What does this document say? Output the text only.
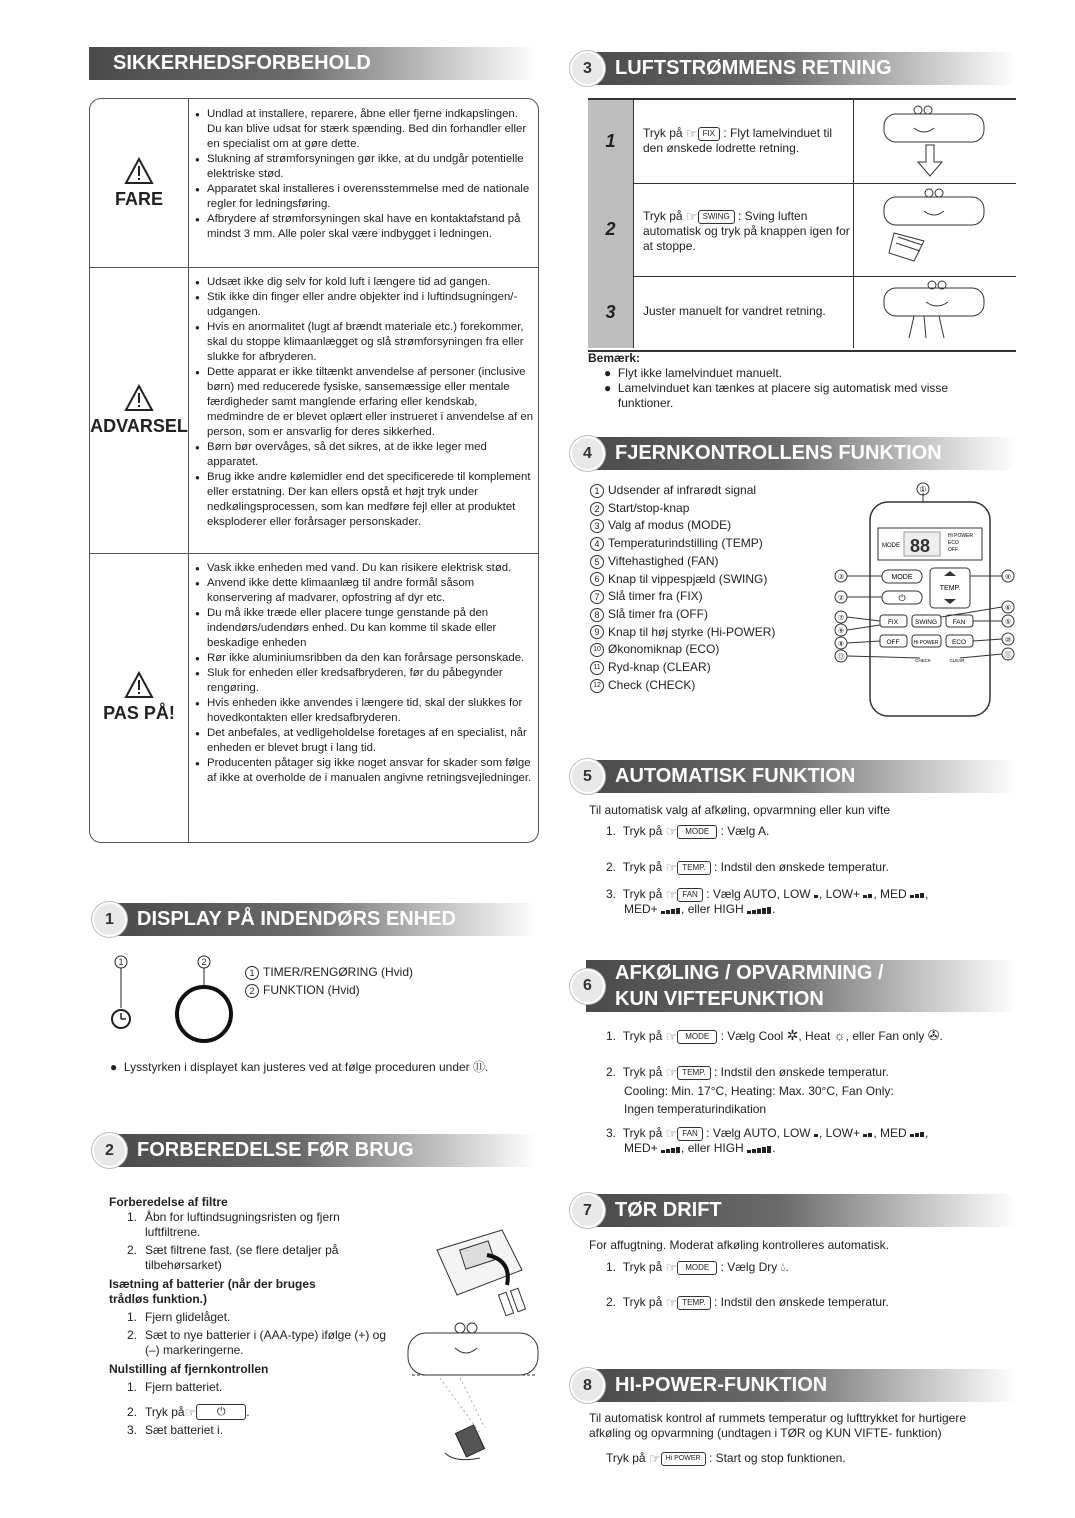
SIKKERHEDSFORBEHOLD
FARE
● Undlad at installere, reparere, åbne eller fjerne indkapslingen. Du kan blive udsat for stærk spænding. Bed din forhandler eller en specialist om at gøre dette.
● Slukning af strømforsyningen gør ikke, at du undgår potentielle elektriske stød.
● Apparatet skal installeres i overensstemmelse med de nationale regler for ledningsføring.
● Afbrydere af strømforsyningen skal have en kontaktafstand på mindst 3 mm. Alle poler skal være indbygget i ledningen.
ADVARSEL
● Udsæt ikke dig selv for kold luft i længere tid ad gangen.
● Stik ikke din finger eller andre objekter ind i luftindsugningen/-udgangen.
● Hvis en anormalitet (lugt af brændt materiale etc.) forekommer, skal du stoppe klimaanlægget og slå strømforsyningen fra eller slukke for afbryderen.
● Dette apparat er ikke tiltænkt anvendelse af personer (inclusive børn) med reducerede fysiske, sansemæssige eller mentale færdigheder samt manglende erfaring eller kendskab, medmindre de er blevet oplært eller instrueret i anvendelse af en person, som er ansvarlig for deres sikkerhed.
● Børn bør overvåges, så det sikres, at de ikke leger med apparatet.
● Brug ikke andre kølemidler end det specificerede til komplement eller erstatning. Der kan ellers opstå et højt tryk under nedkølingsprocessen, som kan medføre fejl eller at produktet eksploderer eller forårsager personskader.
PAS PÅ!
● Vask ikke enheden med vand. Du kan risikere elektrisk stød.
● Anvend ikke dette klimaanlæg til andre formål såsom konservering af madvarer, opfostring af dyr etc.
● Du må ikke træde eller placere tunge genstande på den indendørs/udendørs enhed. Du kan komme til skade eller beskadige enheden
● Rør ikke aluminiumsribben da den kan forårsage personskade.
● Sluk for enheden eller kredsafbryderen, før du påbegynder rengøring.
● Hvis enheden ikke anvendes i længere tid, skal der slukkes for hovedkontakten eller kredsafbryderen.
● Det anbefales, at vedligeholdelse foretages af en specialist, når enheden er blevet brugt i lang tid.
● Producenten påtager sig ikke noget ansvar for skader som følge af ikke at overholde de i manualen angivne retningsvejledninger.
1	DISPLAY PÅ INDENDØRS ENHED
1	2
1 TIMER/RENGØRING (Hvid)
2 FUNKTION (Hvid)
●  Lysstyrken i displayet kan justeres ved at følge proceduren under ⑪.
2	FORBEREDELSE FØR BRUG
Forberedelse af filtre
1. Åbn for luftindsugningsristen og fjern luftfiltrene.
2. Sæt filtrene fast. (se flere detaljer på tilbehørsarket)
Isætning af batterier (når der bruges trådløs funktion.)
1. Fjern glidelåget.
2. Sæt to nye batterier i (AAA-type) ifølge (+) og (–) markeringerne.
Nulstilling af fjernkontrollen
1. Fjern batteriet.
2. Tryk på ☞	⏻	.
3. Sæt batteriet i.
3	LUFTSTRØMMENS RETNING
1	Tryk på ☞ FIX : Flyt lamelvinduet til den ønskede lodrette retning.
2
Tryk på ☞ SWING : Sving luften automatisk og tryk på knappen igen for at stoppe.
3	Juster manuelt for vandret retning.
Bemærk:
●  Flyt ikke lamelvinduet manuelt.
● Lamelvinduet kan tænkes at placere sig automatisk med visse funktioner.
4	FJERNKONTROLLENS FUNKTION
1 Udsender af infrarødt signal
2 Start/stop-knap
3 Valg af modus (MODE)
4 Temperaturindstilling (TEMP)
5 Viftehastighed (FAN)
6 Knap til vippespjæld (SWING)
7 Slå timer fra (FIX)
8 Slå timer fra (OFF)
9 Knap til høj styrke (Hi-POWER)
10 Økonomiknap (ECO)
11 Ryd-knap (CLEAR)
12 Check (CHECK)
①
MODE 88	Hi POWER
ECO
OFF
MODE
⏻
TEMP.
FIX	SWING FAN
OFF	Hi POWER ECO
CHECK	CLEAR
③
②
⑦
⑨
⑧
⑫
④
⑥
⑤
⑩
⑪
5	AUTOMATISK FUNKTION
Til automatisk valg af afkøling, opvarmning eller kun vifte
1.  Tryk på ☞ MODE : Vælg A.
2.  Tryk på ☞ TEMP. : Indstil den ønskede temperatur.
3.  Tryk på ☞ FAN : Vælg AUTO, LOW , LOW+ , MED ,
MED+ , eller HIGH .
6
AFKØLING / OPVARMNING /
KUN VIFTEFUNKTION
1.  Tryk på ☞ MODE : Vælg Cool ✲, Heat ☼, eller Fan only ✇.
2.  Tryk på ☞ TEMP. : Indstil den ønskede temperatur.
Cooling: Min. 17°C, Heating: Max. 30°C, Fan Only:
Ingen temperaturindikation
3.  Tryk på ☞ FAN : Vælg AUTO, LOW , LOW+ , MED ,
MED+ , eller HIGH .
7	TØR DRIFT
For affugtning. Moderat afkøling kontrolleres automatisk.
1.  Tryk på ☞ MODE : Vælg Dry 💧︎.
2.  Tryk på ☞ TEMP. : Indstil den ønskede temperatur.
8	HI-POWER-FUNKTION
Til automatisk kontrol af rummets temperatur og lufttrykket for hurtigere
afkøling og opvarmning (undtagen i TØR og KUN VIFTE- funktion)
Tryk på ☞ Hi POWER : Start og stop funktionen.
